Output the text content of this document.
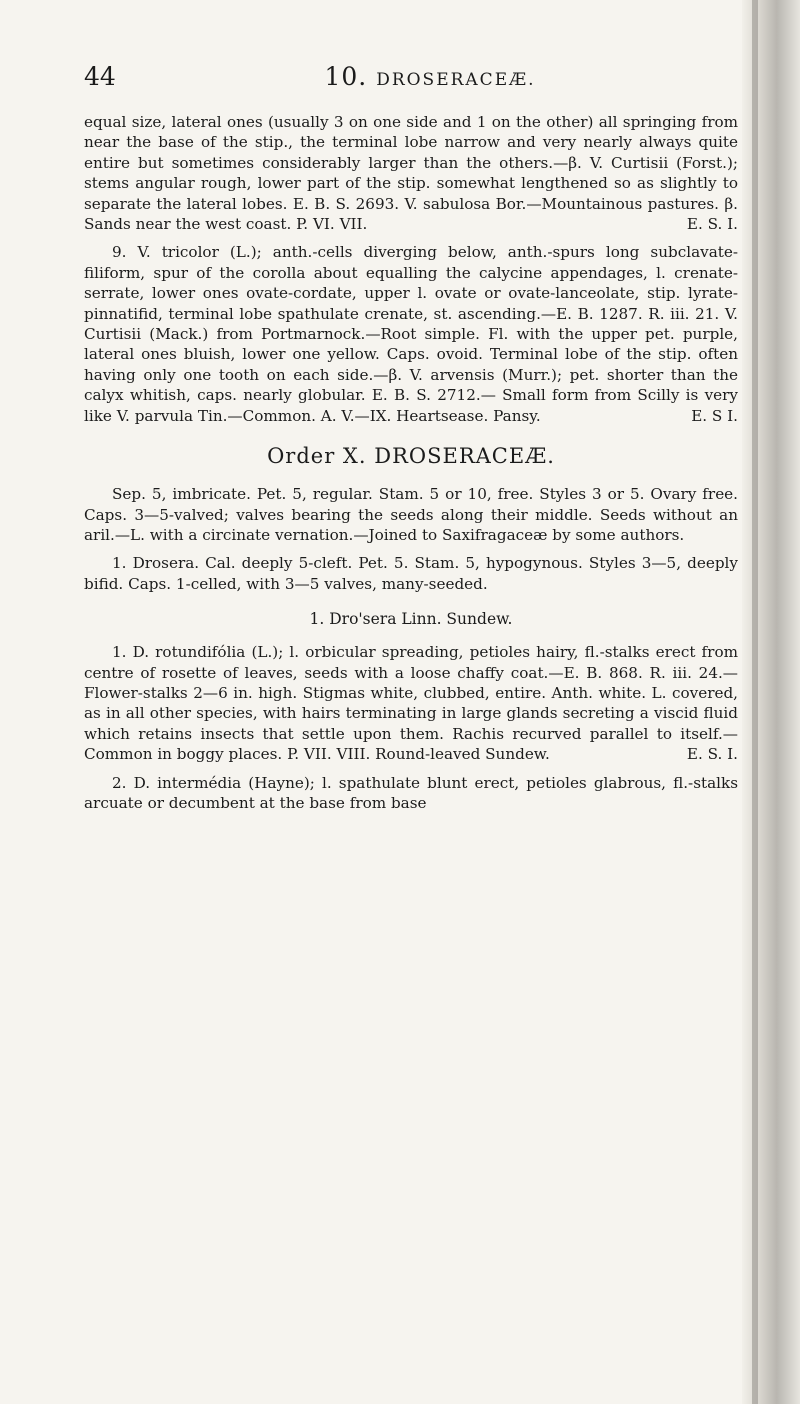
44	10. DROSERACEÆ.

equal size, lateral ones (usually 3 on one side and 1 on the other) all springing from near the base of the stip., the terminal lobe narrow and very nearly always quite entire but sometimes considerably larger than the others.—β. V. Curtisii (Forst.); stems angular rough, lower part of the stip. somewhat lengthened so as slightly to separate the lateral lobes. E. B. S. 2693. V. sabulosa Bor.—Mountainous pastures. β. Sands near the west coast. P. VI. VII.	E. S. I.

9. V. tricolor (L.); anth.-cells diverging below, anth.-spurs long subclavate-filiform, spur of the corolla about equalling the calycine appendages, l. crenate-serrate, lower ones ovate-cordate, upper l. ovate or ovate-lanceolate, stip. lyrate-pinnatifid, terminal lobe spathulate crenate, st. ascending.—E. B. 1287. R. iii. 21. V. Curtisii (Mack.) from Portmarnock.—Root simple. Fl. with the upper pet. purple, lateral ones bluish, lower one yellow. Caps. ovoid. Terminal lobe of the stip. often having only one tooth on each side.—β. V. arvensis (Murr.); pet. shorter than the calyx whitish, caps. nearly globular. E. B. S. 2712.— Small form from Scilly is very like V. parvula Tin.—Common. A. V.—IX. Heartsease. Pansy.	E. S I.

Order X. DROSERACEÆ.

Sep. 5, imbricate. Pet. 5, regular. Stam. 5 or 10, free. Styles 3 or 5. Ovary free. Caps. 3—5-valved; valves bearing the seeds along their middle. Seeds without an aril.—L. with a circinate vernation.—Joined to Saxifragaceæ by some authors.

1. Drosera. Cal. deeply 5-cleft. Pet. 5. Stam. 5, hypogynous. Styles 3—5, deeply bifid. Caps. 1-celled, with 3—5 valves, many-seeded.

1. Dro'sera Linn. Sundew.

1. D. rotundifólia (L.); l. orbicular spreading, petioles hairy, fl.-stalks erect from centre of rosette of leaves, seeds with a loose chaffy coat.—E. B. 868. R. iii. 24.—Flower-stalks 2—6 in. high. Stigmas white, clubbed, entire. Anth. white. L. covered, as in all other species, with hairs terminating in large glands secreting a viscid fluid which retains insects that settle upon them. Rachis recurved parallel to itself.— Common in boggy places. P. VII. VIII. Round-leaved Sundew.	E. S. I.

2. D. intermédia (Hayne); l. spathulate blunt erect, petioles glabrous, fl.-stalks arcuate or decumbent at the base from base
